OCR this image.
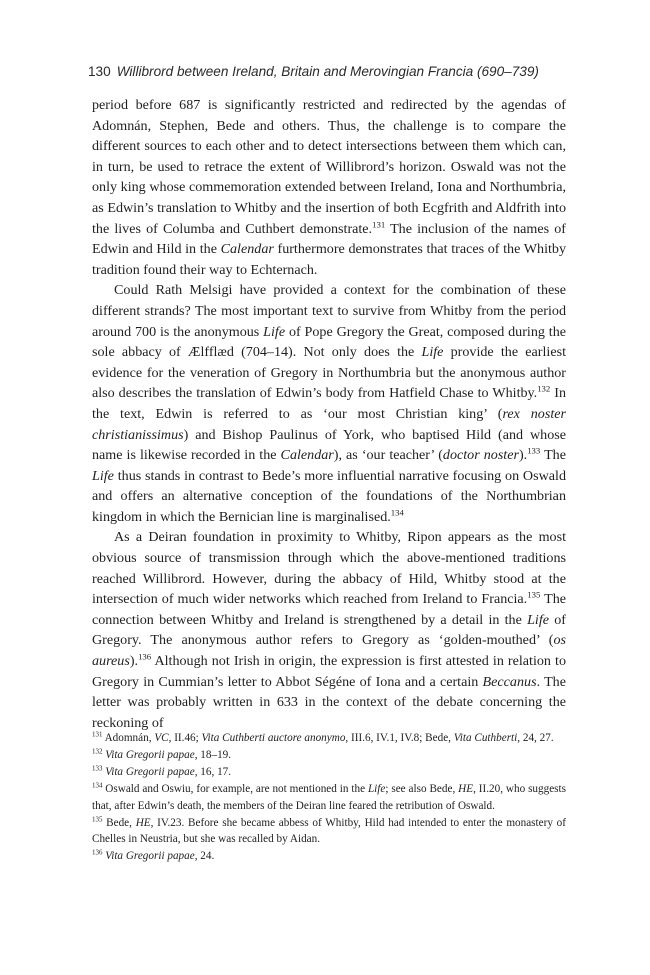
130 Willibrord between Ireland, Britain and Merovingian Francia (690–739)

period before 687 is significantly restricted and redirected by the agendas of Adomnán, Stephen, Bede and others. Thus, the challenge is to compare the different sources to each other and to detect intersections between them which can, in turn, be used to retrace the extent of Willibrord’s horizon. Oswald was not the only king whose commemoration extended between Ireland, Iona and Northumbria, as Edwin’s translation to Whitby and the insertion of both Ecgfrith and Aldfrith into the lives of Columba and Cuthbert demonstrate.$^{131}$ The inclusion of the names of Edwin and Hild in the Calendar furthermore demonstrates that traces of the Whitby tradition found their way to Echternach.

Could Rath Melsigi have provided a context for the combination of these different strands? The most important text to survive from Whitby from the period around 700 is the anonymous Life of Pope Gregory the Great, composed during the sole abbacy of Ælfflæd (704–14). Not only does the Life provide the earliest evidence for the veneration of Gregory in Northumbria but the anonymous author also describes the translation of Edwin’s body from Hatfield Chase to Whitby.$^{132}$ In the text, Edwin is referred to as ‘our most Christian king’ (rex noster christianissimus) and Bishop Paulinus of York, who baptised Hild (and whose name is likewise recorded in the Calendar), as ‘our teacher’ (doctor noster).$^{133}$ The Life thus stands in contrast to Bede’s more influential narrative focusing on Oswald and offers an alternative conception of the foundations of the Northumbrian kingdom in which the Bernician line is marginalised.$^{134}$

As a Deiran foundation in proximity to Whitby, Ripon appears as the most obvious source of transmission through which the above-mentioned traditions reached Willibrord. However, during the abbacy of Hild, Whitby stood at the intersection of much wider networks which reached from Ireland to Francia.$^{135}$ The connection between Whitby and Ireland is strengthened by a detail in the Life of Gregory. The anonymous author refers to Gregory as ‘golden-mouthed’ (os aureus).$^{136}$ Although not Irish in origin, the expression is first attested in relation to Gregory in Cummian’s letter to Abbot Ségéne of Iona and a certain Beccanus. The letter was probably written in 633 in the context of the debate concerning the reckoning of

$^{131}$ Adomnán, VC, II.46; Vita Cuthberti auctore anonymo, III.6, IV.1, IV.8; Bede, Vita Cuthberti, 24, 27.

$^{132}$ Vita Gregorii papae, 18–19.

$^{133}$ Vita Gregorii papae, 16, 17.

$^{134}$ Oswald and Oswiu, for example, are not mentioned in the Life; see also Bede, HE, II.20, who suggests that, after Edwin’s death, the members of the Deiran line feared the retribution of Oswald.

$^{135}$ Bede, HE, IV.23. Before she became abbess of Whitby, Hild had intended to enter the monastery of Chelles in Neustria, but she was recalled by Aidan.

$^{136}$ Vita Gregorii papae, 24.
